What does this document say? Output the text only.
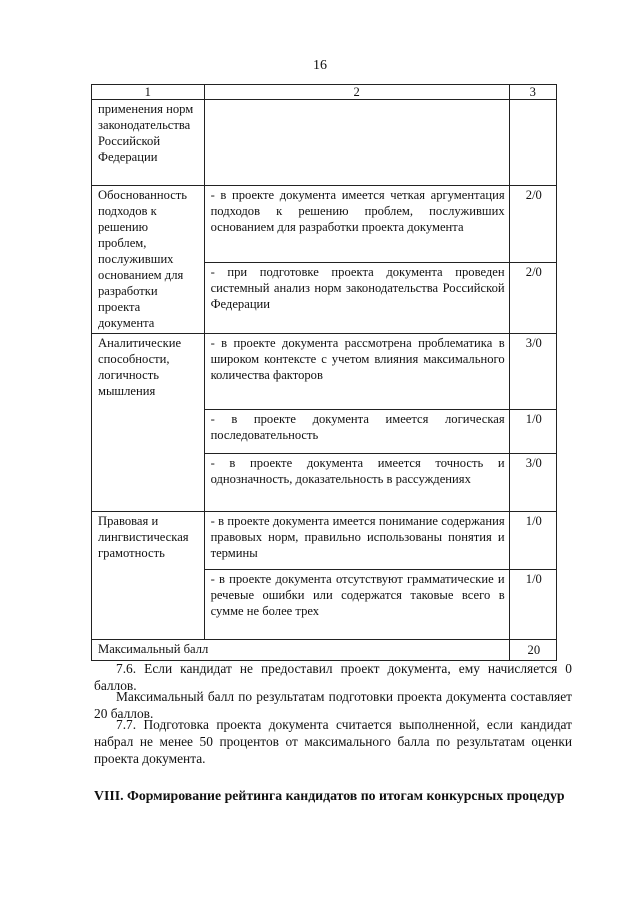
16
1	2	3
применения норм законодательства Российской Федерации		
Обоснованность подходов к решению проблем, послуживших основанием для разработки проекта документа	- в проекте документа имеется четкая аргументация подходов к решению проблем, послуживших основанием для разработки проекта документа	2/0
	- при подготовке проекта документа проведен системный анализ норм законодательства Российской Федерации	2/0
Аналитические способности, логичность мышления	- в проекте документа рассмотрена проблематика в широком контексте с учетом влияния максимального количества факторов	3/0
	- в проекте документа имеется логическая последовательность	1/0
	- в проекте документа имеется точность и однозначность, доказательность в рассуждениях	3/0
Правовая и лингвистическая грамотность	- в проекте документа имеется понимание содержания правовых норм, правильно использованы понятия и термины	1/0
	- в проекте документа отсутствуют грамматические и речевые ошибки или содержатся таковые всего в сумме не более трех	1/0
Максимальный балл		20
7.6. Если кандидат не предоставил проект документа, ему начисляется 0 баллов.
Максимальный балл по результатам подготовки проекта документа составляет 20 баллов.
7.7. Подготовка проекта документа считается выполненной, если кандидат набрал не менее 50 процентов от максимального балла по результатам оценки проекта документа.
VIII. Формирование рейтинга кандидатов по итогам конкурсных процедур
